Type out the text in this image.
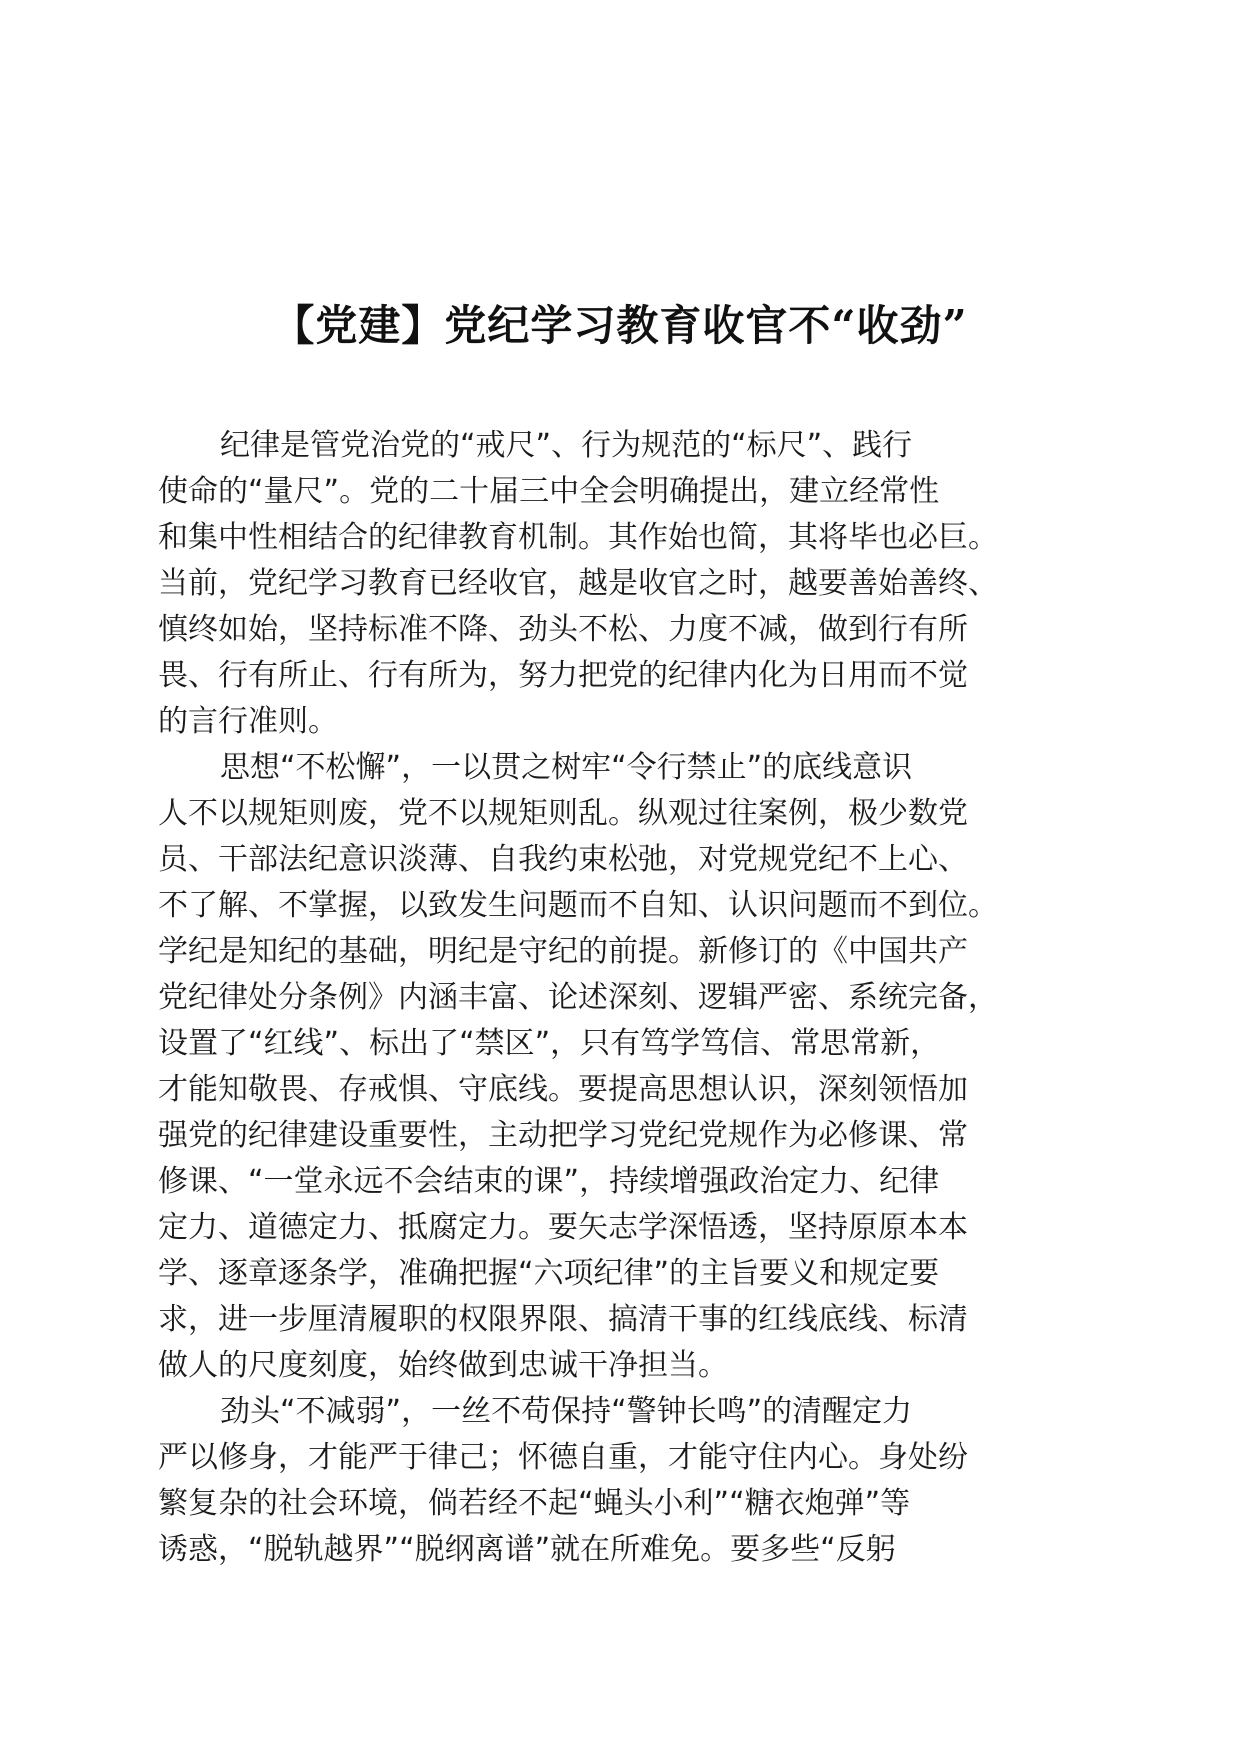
【党建】党纪学习教育收官不“收劲”
纪律是管党治党的“戒尺”、行为规范的“标尺”、践行
使命的“量尺”。党的二十届三中全会明确提出，建立经常性
和集中性相结合的纪律教育机制。其作始也简，其将毕也必巨。
当前，党纪学习教育已经收官，越是收官之时，越要善始善终、
慎终如始，坚持标准不降、劲头不松、力度不减，做到行有所
畏、行有所止、行有所为，努力把党的纪律内化为日用而不觉
的言行准则。
思想“不松懈”，一以贯之树牢“令行禁止”的底线意识
人不以规矩则废，党不以规矩则乱。纵观过往案例，极少数党
员、干部法纪意识淡薄、自我约束松弛，对党规党纪不上心、
不了解、不掌握，以致发生问题而不自知、认识问题而不到位。
学纪是知纪的基础，明纪是守纪的前提。新修订的《中国共产
党纪律处分条例》内涵丰富、论述深刻、逻辑严密、系统完备，
设置了“红线”、标出了“禁区”，只有笃学笃信、常思常新，
才能知敬畏、存戒惧、守底线。要提高思想认识，深刻领悟加
强党的纪律建设重要性，主动把学习党纪党规作为必修课、常
修课、“一堂永远不会结束的课”，持续增强政治定力、纪律
定力、道德定力、抵腐定力。要矢志学深悟透，坚持原原本本
学、逐章逐条学，准确把握“六项纪律”的主旨要义和规定要
求，进一步厘清履职的权限界限、搞清干事的红线底线、标清
做人的尺度刻度，始终做到忠诚干净担当。
劲头“不减弱”，一丝不苟保持“警钟长鸣”的清醒定力
严以修身，才能严于律己；怀德自重，才能守住内心。身处纷
繁复杂的社会环境，倘若经不起“蝇头小利”“糖衣炮弹”等
诱惑，“脱轨越界”“脱纲离谱”就在所难免。要多些“反躬
